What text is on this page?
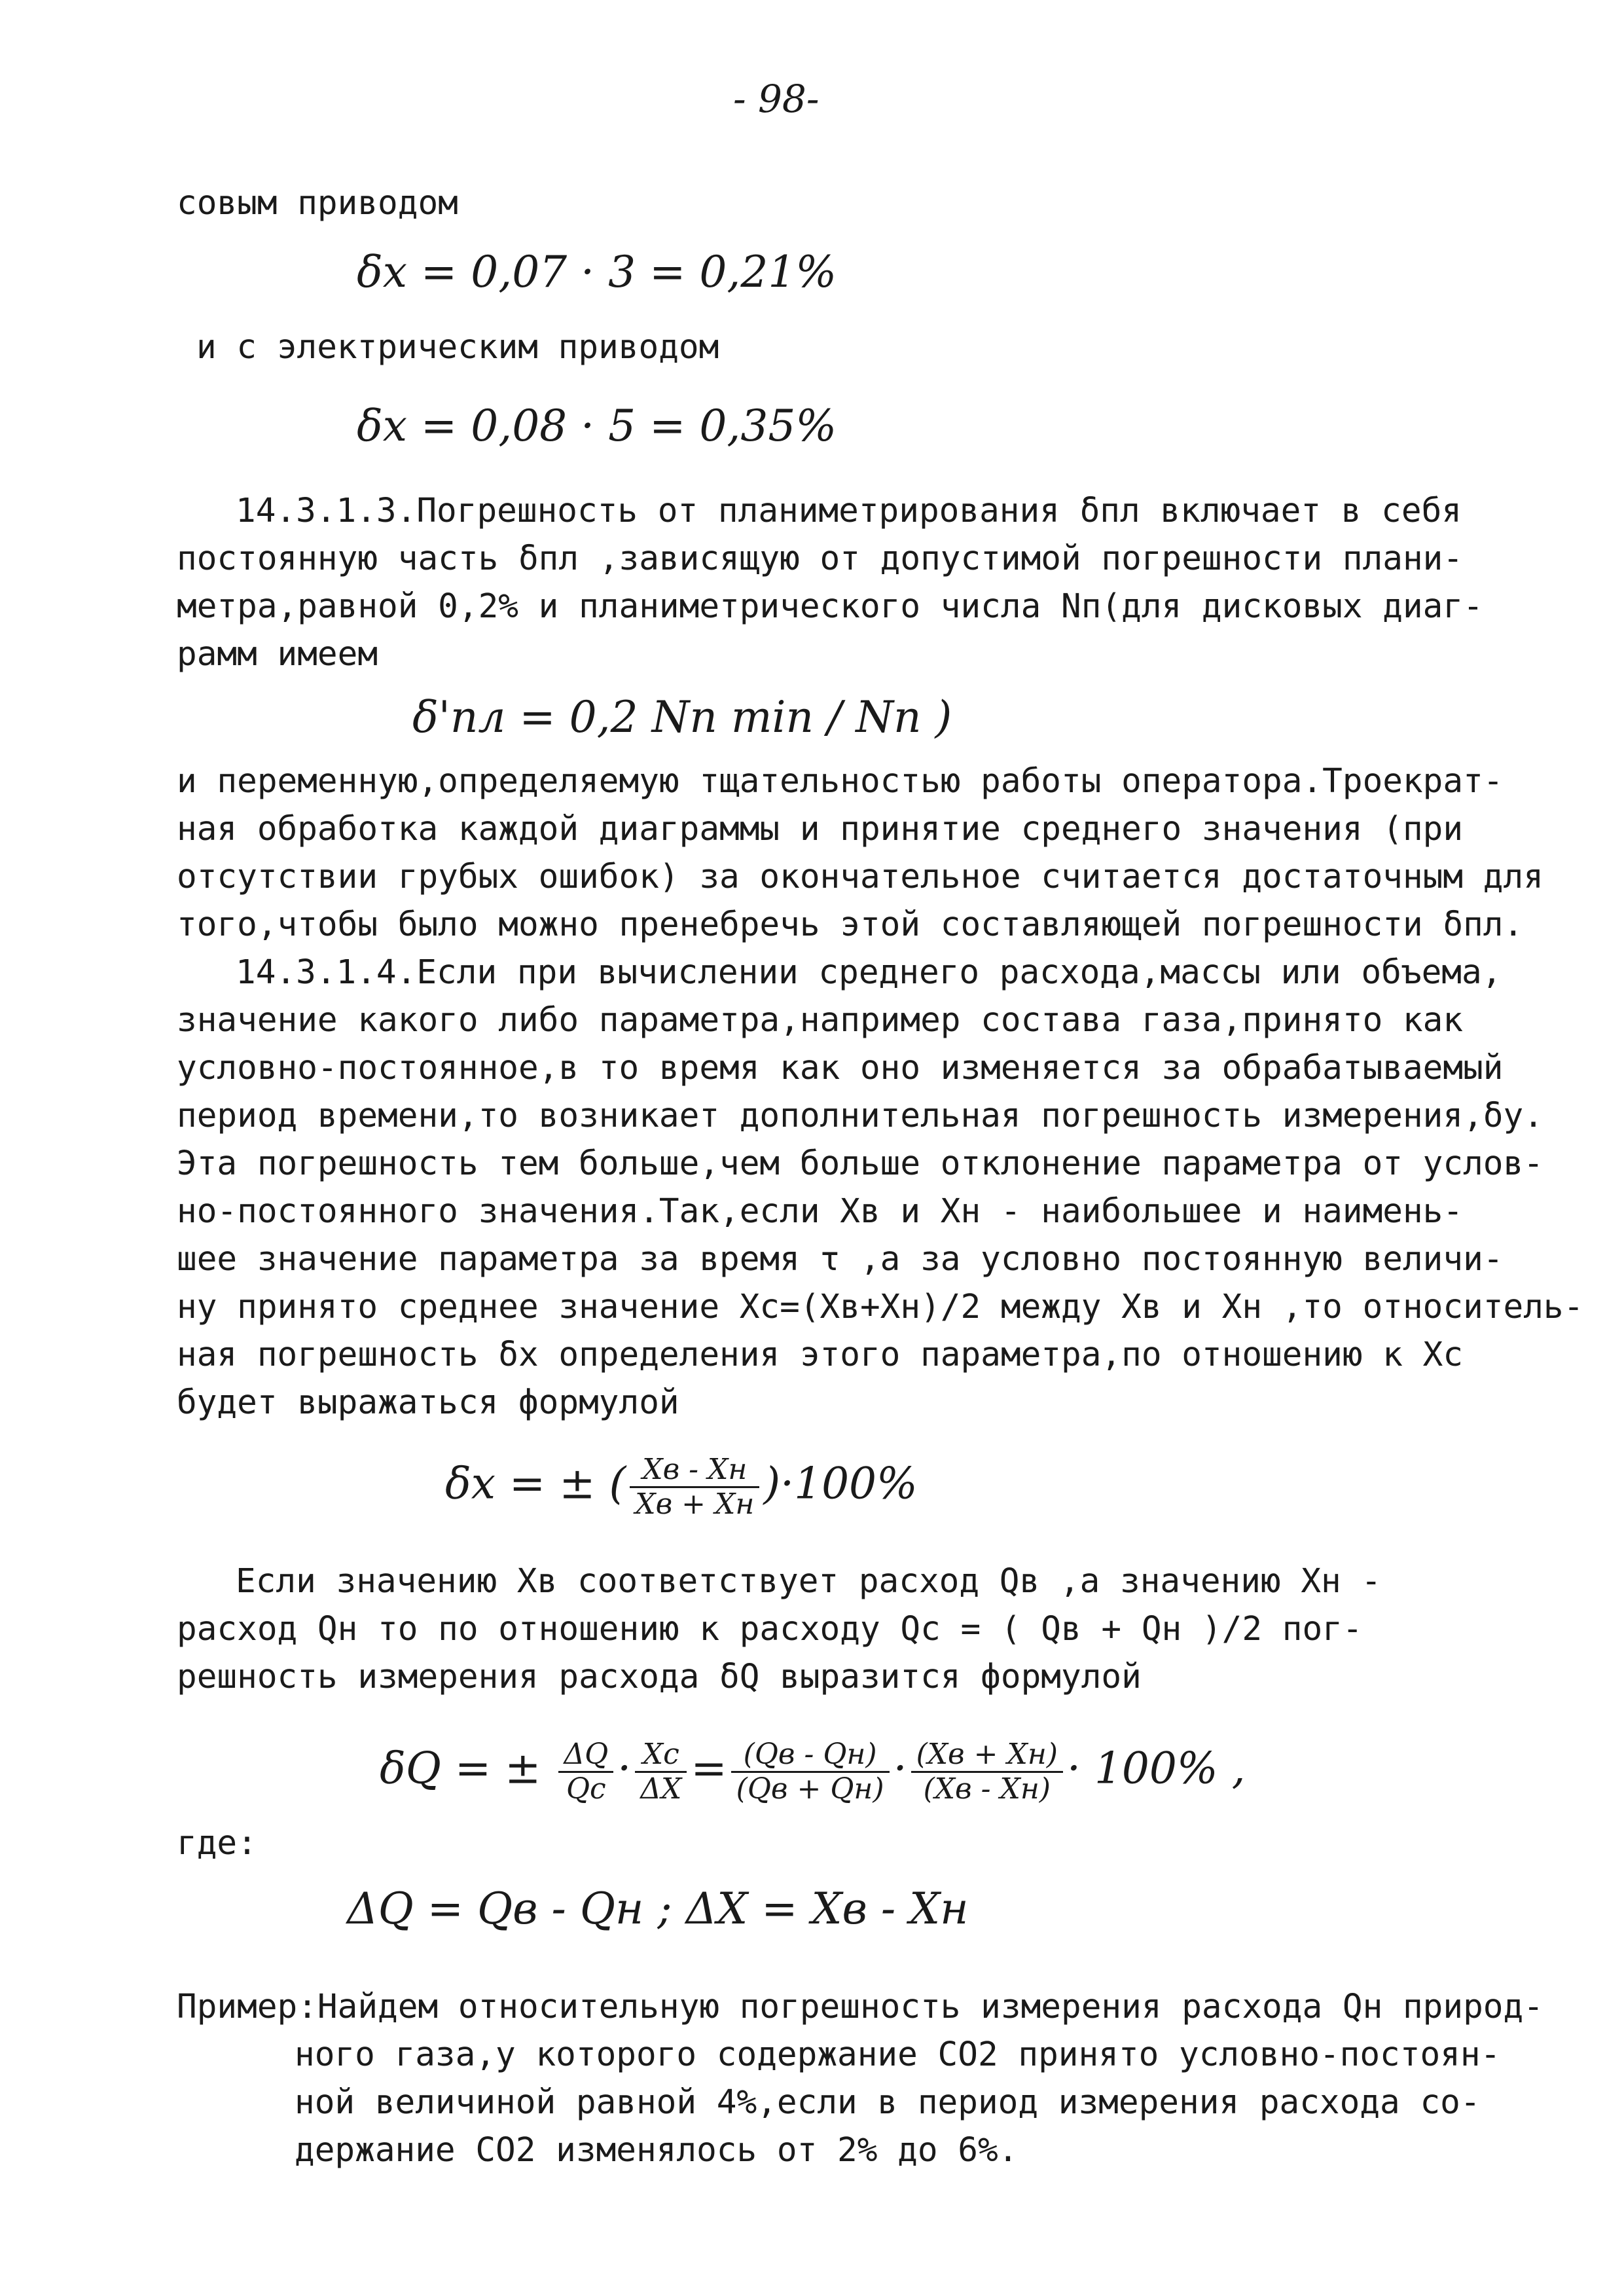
- 98-
совым приводом
δх = 0,07 · 3 = 0,21%
и с электрическим приводом
δх = 0,08 · 5 = 0,35%
14.3.1.3.Погрешность от планиметрирования δпл включает в себя
постоянную часть δпл ,зависящую от допустимой погрешности плани-
метра,равной 0,2% и планиметрического числа Nп(для дисковых диаг-
рамм имеем
δ'пл = 0,2 Nп min / Nп )
и переменную,определяемую тщательностью работы оператора.Троекрат-
ная обработка каждой диаграммы и принятие среднего значения (при
отсутствии грубых ошибок) за окончательное считается достаточным для
того,чтобы было можно пренебречь этой составляющей погрешности δпл.
14.3.1.4.Если при вычислении среднего расхода,массы или объема,
значение какого либо параметра,например состава газа,принято как
условно-постоянное,в то время как оно изменяется за обрабатываемый
период времени,то возникает дополнительная погрешность измерения,δу.
Эта погрешность тем больше,чем больше отклонение параметра от услов-
но-постоянного значения.Так,если Хв и Хн - наибольшее и наимень-
шее значение параметра за время τ ,а за условно постоянную величи-
ну принято среднее значение Хс=(Хв+Хн)/2 между Хв и Хн ,то относитель-
ная погрешность δх определения этого параметра,по отношению к Хс
будет выражаться формулой
δх = ± ( $\frac{Хв - Хн}{Хв + Хн} )\cdot 100\%$
Если значению Хв соответствует расход Qв ,а значению Хн -
расход Qн то по отношению к расходу Qс = ( Qв + Qн )/2 пог-
решность измерения расхода δQ выразится формулой
δQ = ± $\frac{\Delta Q}{Qс} \cdot \frac{Хс}{\Delta Х} = \frac{(Qв - Qн)}{(Qв + Qн)} \cdot \frac{(Хв + Хн)}{(Хв - Хн)} \cdot 100\%$ ,
где:
ΔQ = Qв - Qн ; ΔХ = Хв - Хн
Пример:Найдем относительную погрешность измерения расхода Qн природ-
ного газа,у которого содержание CO2 принято условно-постоян-
ной величиной равной 4%,если в период измерения расхода со-
держание CO2 изменялось от 2% до 6%.
